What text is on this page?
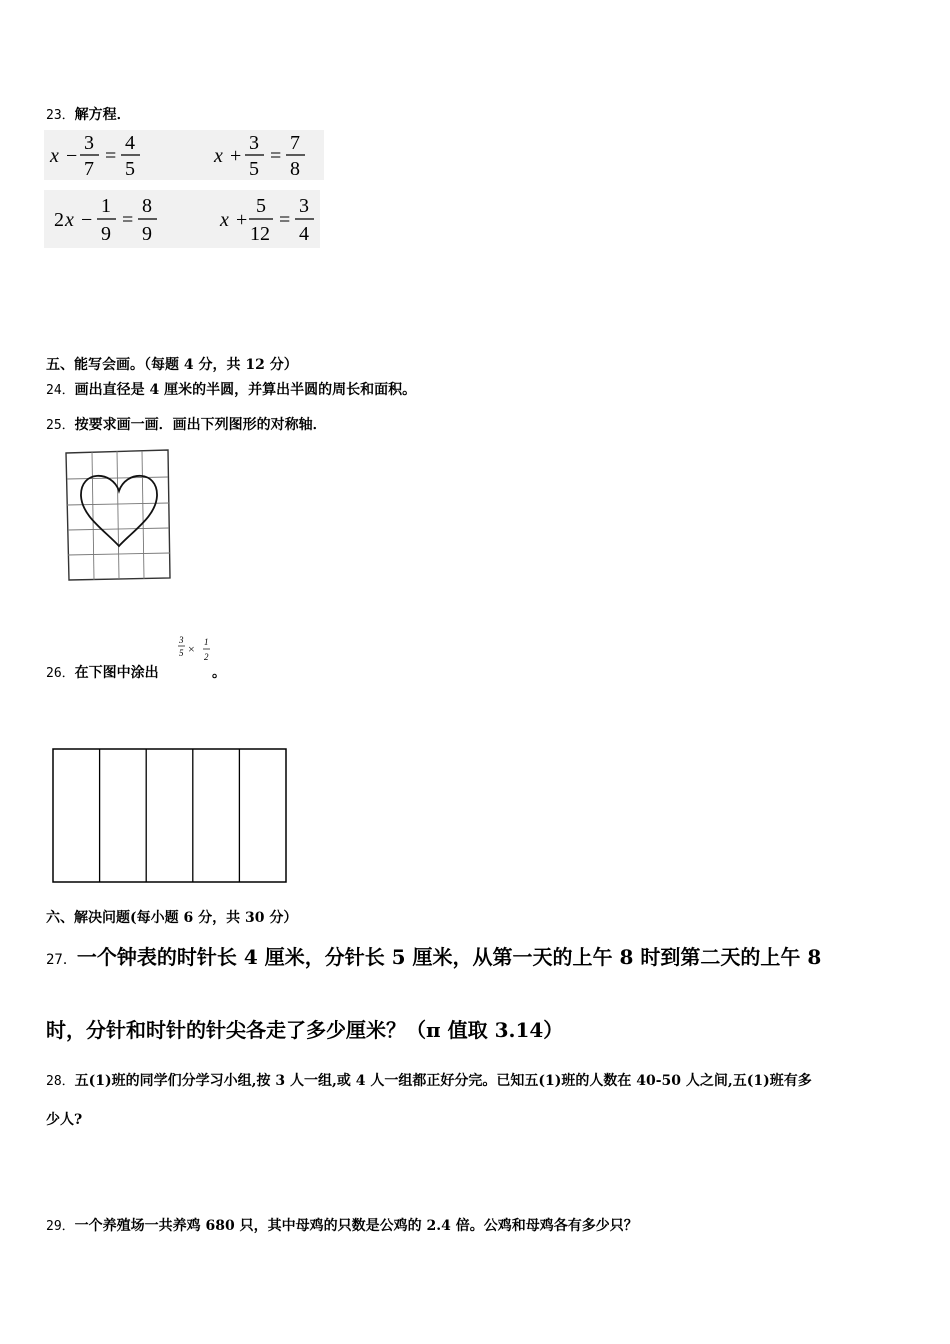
23．解方程．
x −
3
7
=
4
5
x +
3
5
=
7
8
2 x −
1
9
=
8
9
x +
5
12
=
3
4
五、能写会画。（每题 4 分，共 12 分）
24．画出直径是 4 厘米的半圆，并算出半圆的周长和面积。
25．按要求画一画．画出下列图形的对称轴．
26．在下图中涂出
3
5 × 1
2
。
六、解决问题(每小题 6 分，共 30 分）
27．一个钟表的时针长 4 厘米，分针长 5 厘米，从第一天的上午 8 时到第二天的上午 8
时，分针和时针的针尖各走了多少厘米？（π 值取 3.14）
28．五(1)班的同学们分学习小组,按 3 人一组,或 4 人一组都正好分完。已知五(1)班的人数在 40-50 人之间,五(1)班有多
少人?
29．一个养殖场一共养鸡 680 只，其中母鸡的只数是公鸡的 2.4 倍。公鸡和母鸡各有多少只？
